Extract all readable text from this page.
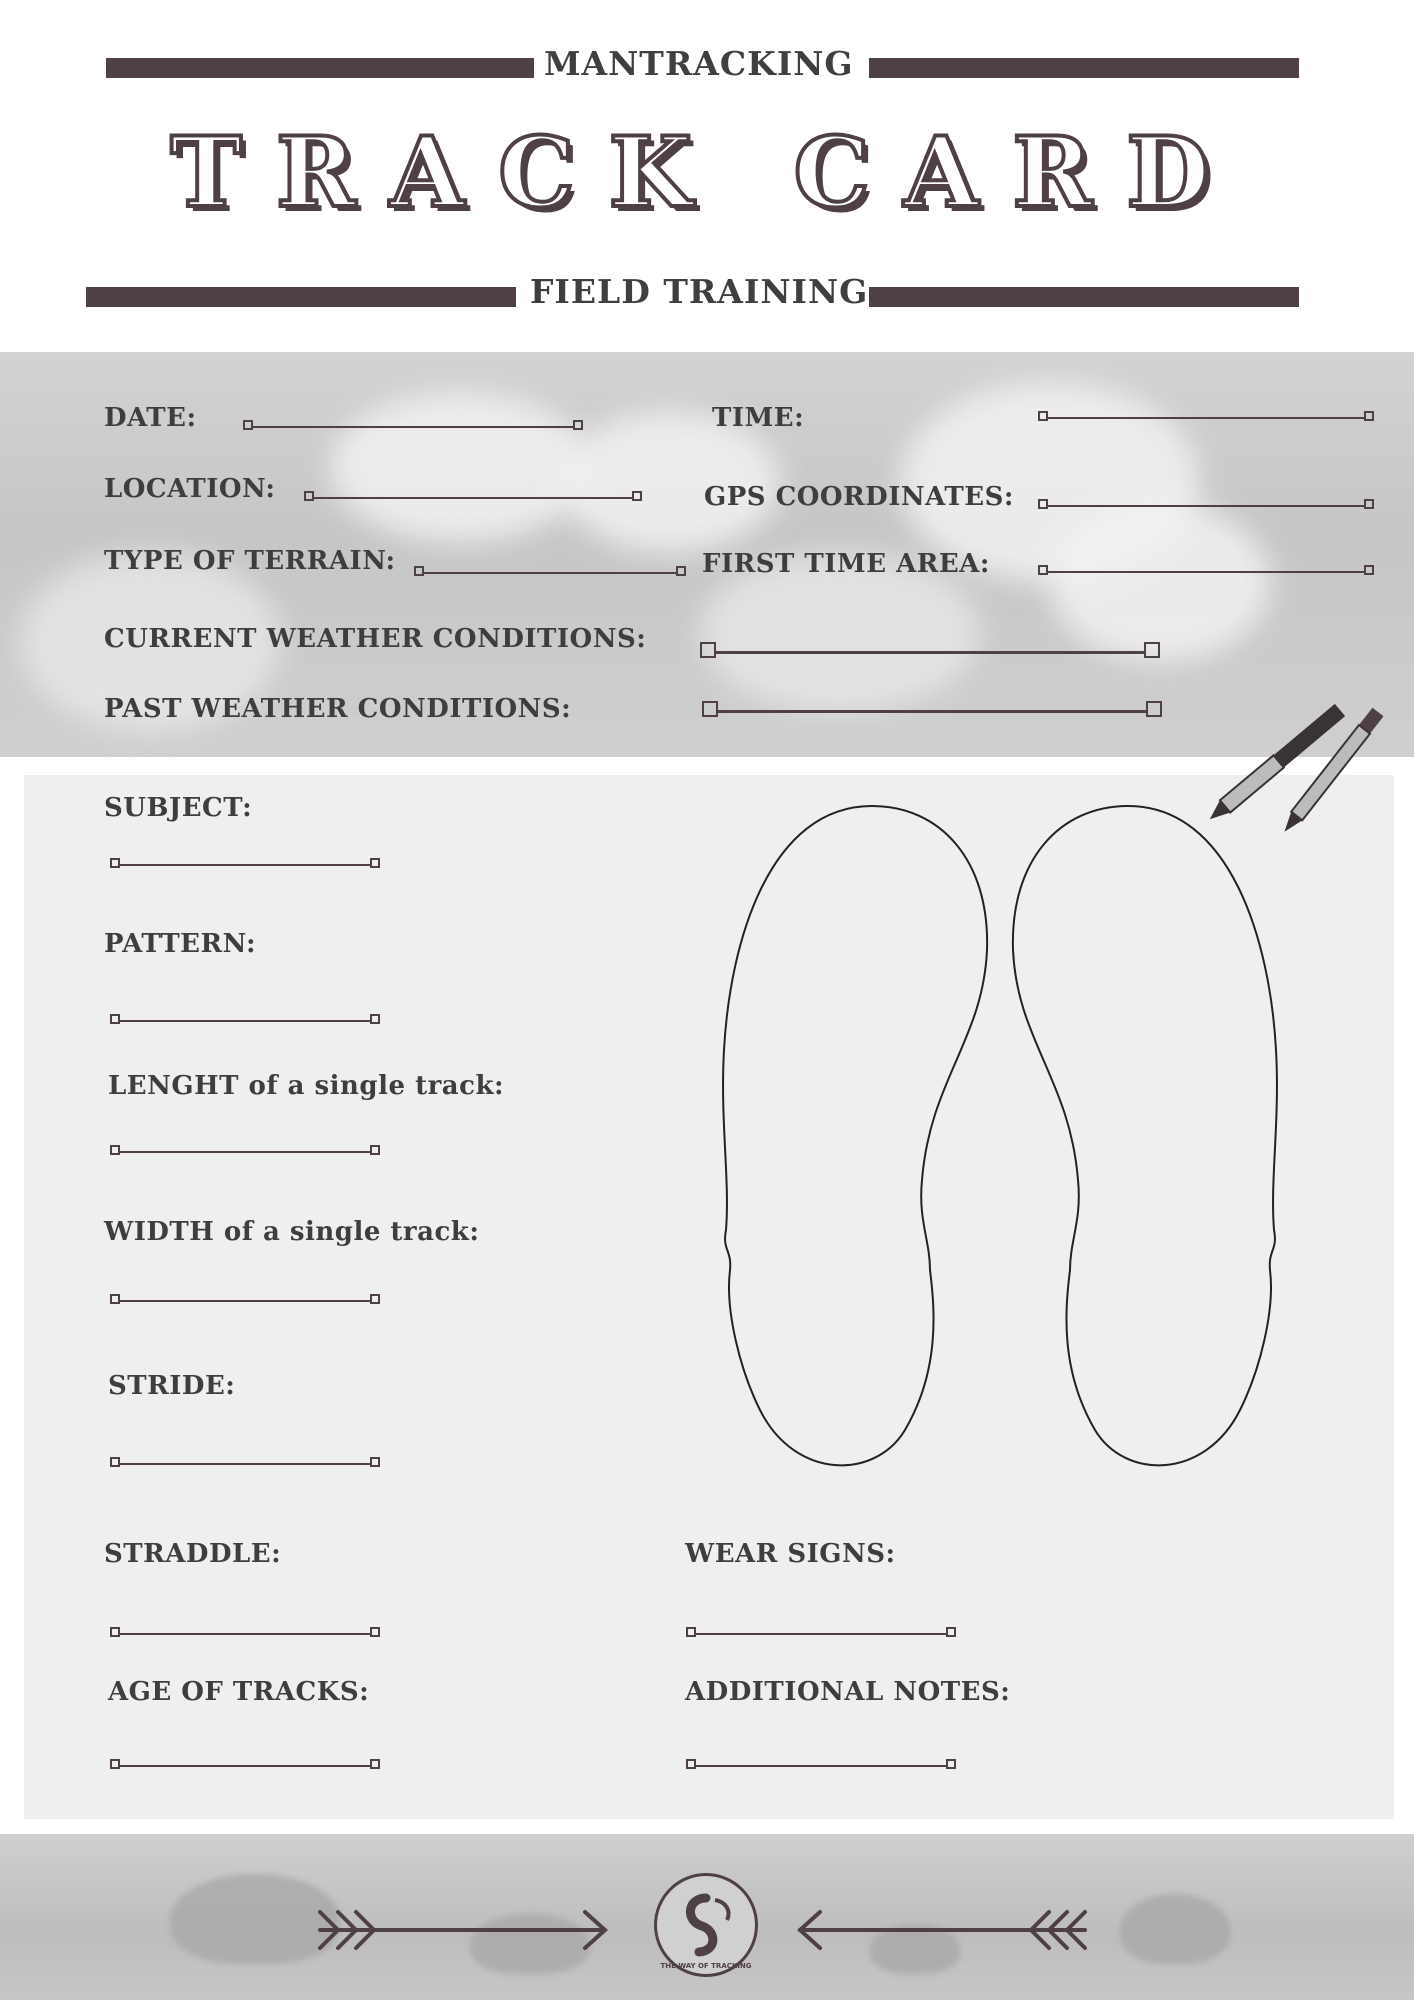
MANTRACKING
TRACK CARD
FIELD TRAINING
DATE:	TIME:
LOCATION:	GPS COORDINATES:
TYPE OF TERRAIN:	FIRST TIME AREA:
CURRENT WEATHER CONDITIONS:
PAST WEATHER CONDITIONS:
SUBJECT:
PATTERN:
LENGHT of a single track:
WIDTH of a single track:
STRIDE:
STRADDLE:	WEAR SIGNS:
AGE OF TRACKS:	ADDITIONAL NOTES:
THE WAY OF TRACKING
